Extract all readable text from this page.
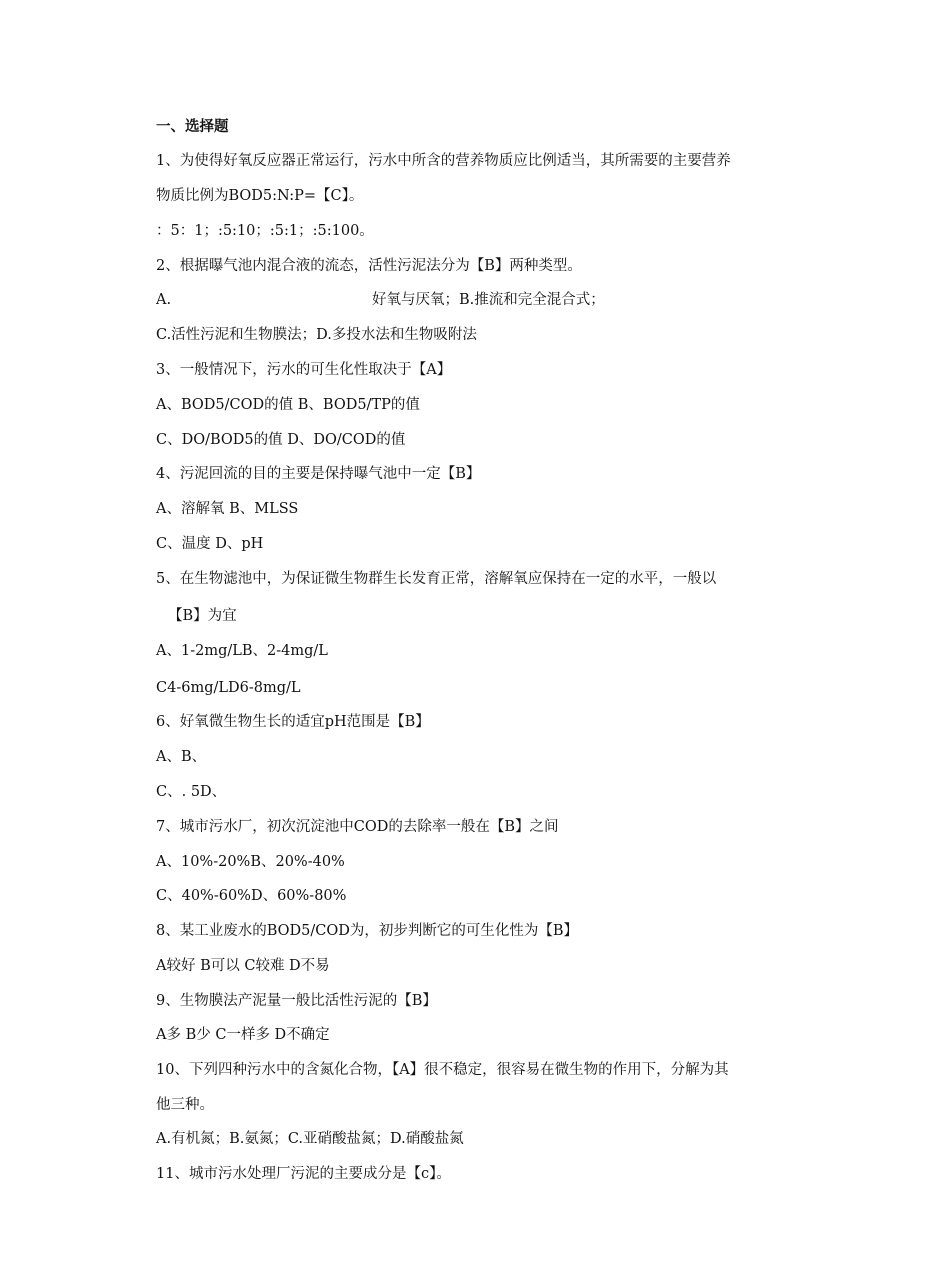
一、选择题
1、为使得好氧反应器正常运行，污水中所含的营养物质应比例适当，其所需要的主要营养
物质比例为BOD5:N:P=【C】。
：5：1；:5:10；:5:1；:5:100。
2、根据曝气池内混合液的流态，活性污泥法分为【B】两种类型。
A.	好氧与厌氧；B.推流和完全混合式；
C.活性污泥和生物膜法；D.多投水法和生物吸附法
3、一般情况下，污水的可生化性取决于【A】
A、BOD5/COD的值 B、BOD5/TP的值
C、DO/BOD5的值 D、DO/COD的值
4、污泥回流的目的主要是保持曝气池中一定【B】
A、溶解氧 B、MLSS
C、温度 D、pH
5、在生物滤池中，为保证微生物群生长发育正常，溶解氧应保持在一定的水平，一般以
【B】为宜
A、1-2mg/LB、2-4mg/L
C4-6mg/LD6-8mg/L
6、好氧微生物生长的适宜pH范围是【B】
A、B、
C、. 5D、
7、城市污水厂，初次沉淀池中COD的去除率一般在【B】之间
A、10%-20%B、20%-40%
C、40%-60%D、60%-80%
8、某工业废水的BOD5/COD为，初步判断它的可生化性为【B】
A较好 B可以 C较难 D不易
9、生物膜法产泥量一般比活性污泥的【B】
A多 B少 C一样多 D不确定
10、下列四种污水中的含氮化合物，【A】很不稳定，很容易在微生物的作用下，分解为其
他三种。
A.有机氮；B.氨氮；C.亚硝酸盐氮；D.硝酸盐氮
11、城市污水处理厂污泥的主要成分是【c】。
